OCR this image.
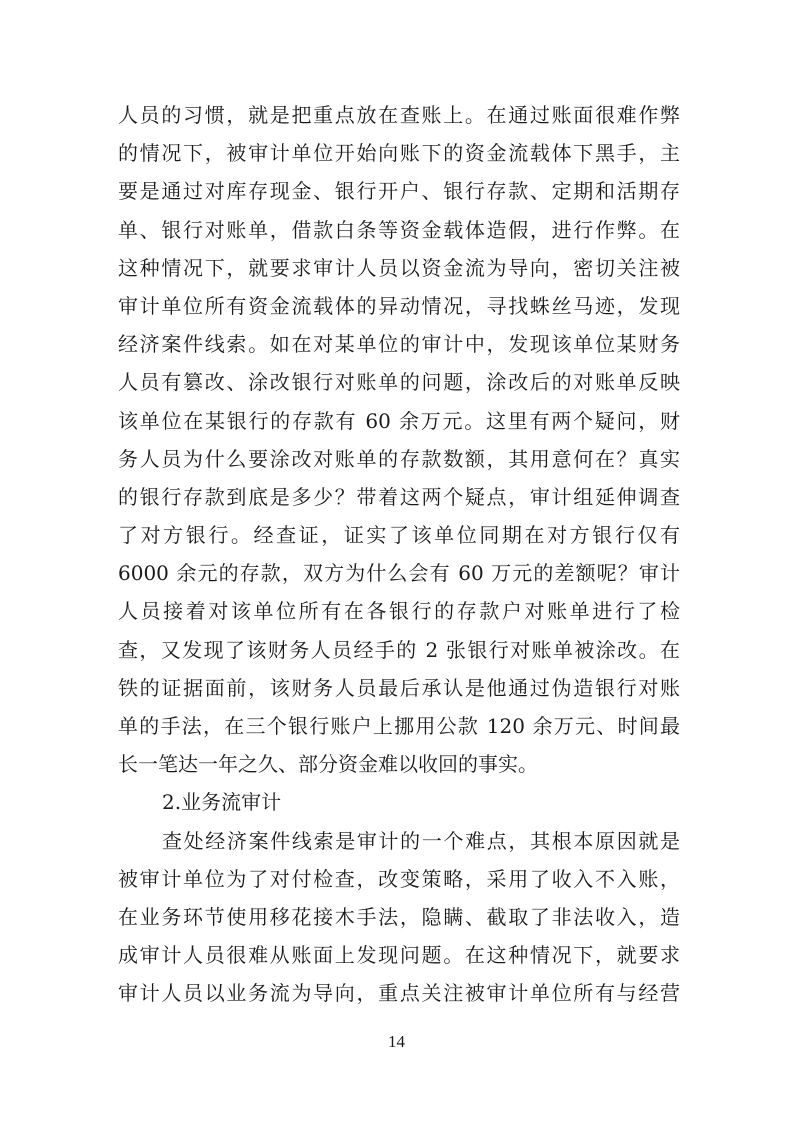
人员的习惯，就是把重点放在查账上。在通过账面很难作弊
的情况下，被审计单位开始向账下的资金流载体下黑手，主
要是通过对库存现金、银行开户、银行存款、定期和活期存
单、银行对账单，借款白条等资金载体造假，进行作弊。在
这种情况下，就要求审计人员以资金流为导向，密切关注被
审计单位所有资金流载体的异动情况，寻找蛛丝马迹，发现
经济案件线索。如在对某单位的审计中，发现该单位某财务
人员有篡改、涂改银行对账单的问题，涂改后的对账单反映
该单位在某银行的存款有 60 余万元。这里有两个疑问，财
务人员为什么要涂改对账单的存款数额，其用意何在？真实
的银行存款到底是多少？带着这两个疑点，审计组延伸调查
了对方银行。经查证，证实了该单位同期在对方银行仅有
6000 余元的存款，双方为什么会有 60 万元的差额呢？审计
人员接着对该单位所有在各银行的存款户对账单进行了检
查，又发现了该财务人员经手的 2 张银行对账单被涂改。在
铁的证据面前，该财务人员最后承认是他通过伪造银行对账
单的手法，在三个银行账户上挪用公款 120 余万元、时间最
长一笔达一年之久、部分资金难以收回的事实。
2.业务流审计
查处经济案件线索是审计的一个难点，其根本原因就是
被审计单位为了对付检查，改变策略，采用了收入不入账，
在业务环节使用移花接木手法，隐瞒、截取了非法收入，造
成审计人员很难从账面上发现问题。在这种情况下，就要求
审计人员以业务流为导向，重点关注被审计单位所有与经营
14
